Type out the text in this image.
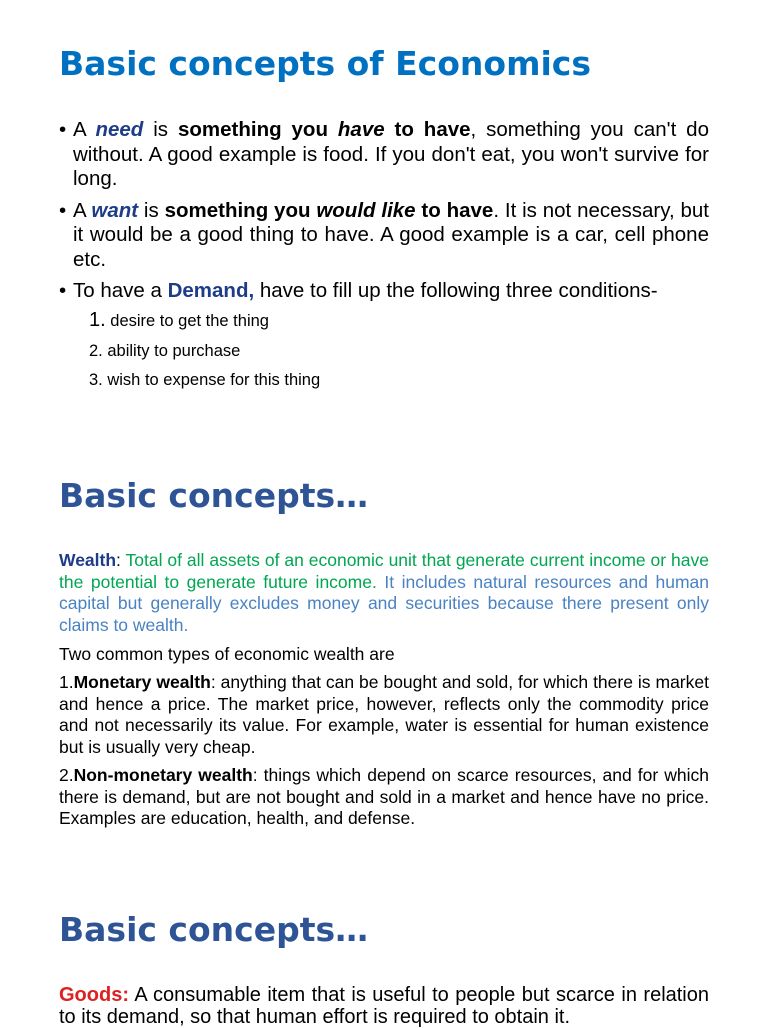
Basic concepts of Economics
• A need is something you have to have, something you can't do without. A good example is food. If you don't eat, you won't survive for long.
• A want is something you would like to have. It is not necessary, but it would be a good thing to have. A good example is a car, cell phone etc.
• To have a Demand, have to fill up the following three conditions-
1. desire to get the thing
2. ability to purchase
3. wish to expense for this thing
Basic concepts…

Wealth: Total of all assets of an economic unit that generate current income or have the potential to generate future income. It includes natural resources and human capital but generally excludes money and securities because there present only claims to wealth.

Two common types of economic wealth are

1.Monetary wealth: anything that can be bought and sold, for which there is market and hence a price. The market price, however, reflects only the commodity price and not necessarily its value. For example, water is essential for human existence but is usually very cheap.

2.Non-monetary wealth: things which depend on scarce resources, and for which there is demand, but are not bought and sold in a market and hence have no price. Examples are education, health, and defense.

Basic concepts…

Goods: A consumable item that is useful to people but scarce in relation to its demand, so that human effort is required to obtain it.
